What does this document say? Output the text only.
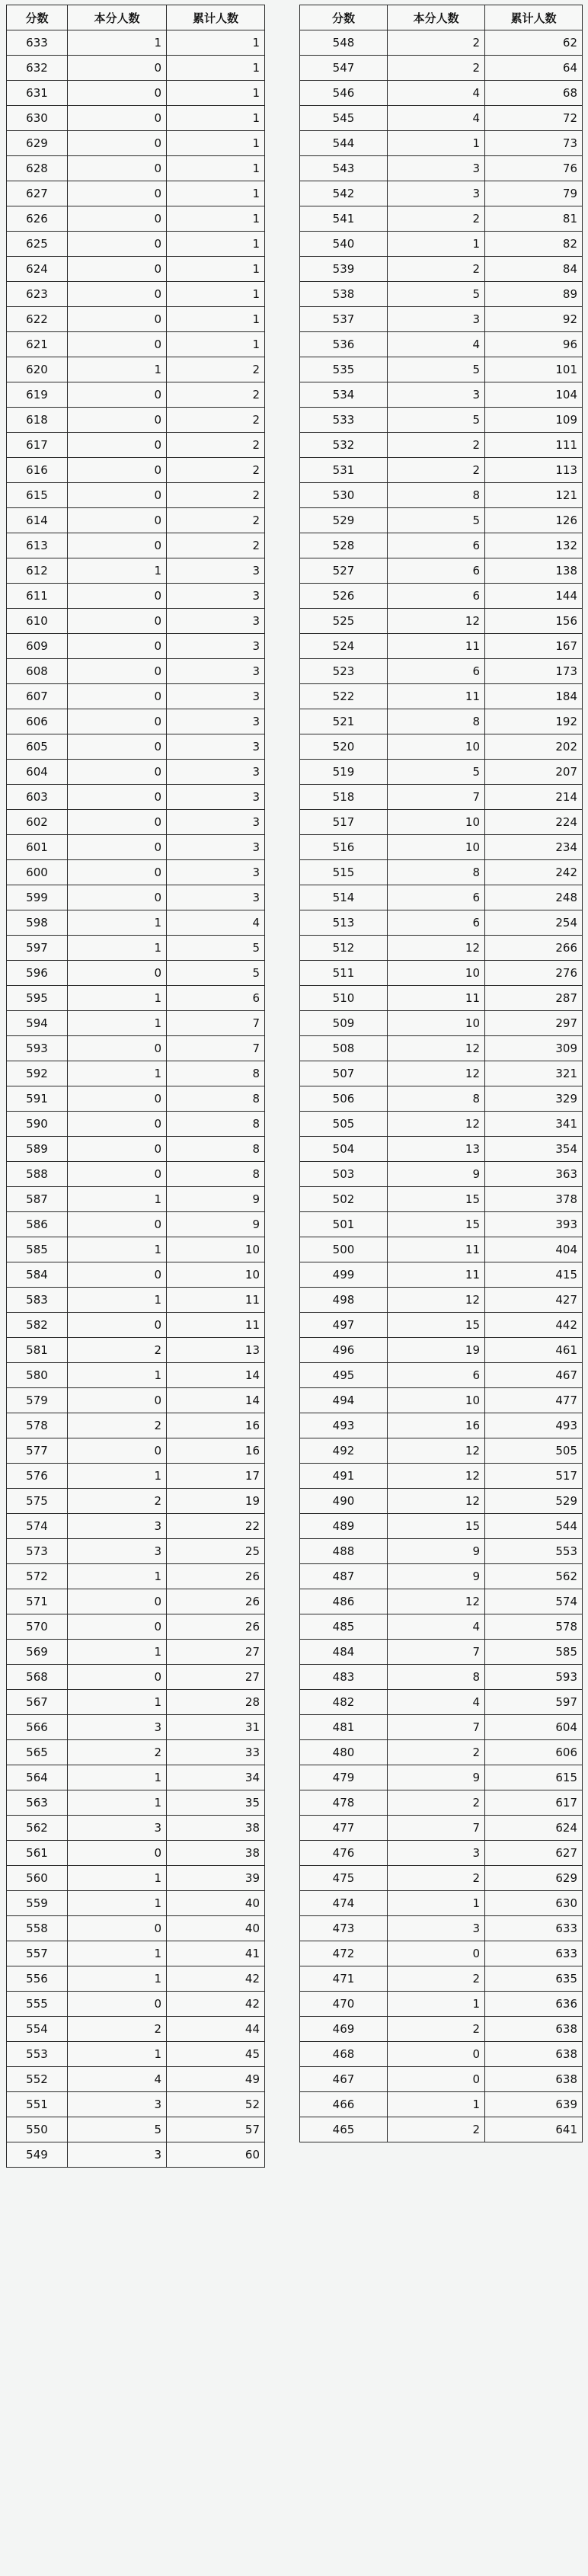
分数	本分人数	累计人数
633	1	1
632	0	1
631	0	1
630	0	1
629	0	1
628	0	1
627	0	1
626	0	1
625	0	1
624	0	1
623	0	1
622	0	1
621	0	1
620	1	2
619	0	2
618	0	2
617	0	2
616	0	2
615	0	2
614	0	2
613	0	2
612	1	3
611	0	3
610	0	3
609	0	3
608	0	3
607	0	3
606	0	3
605	0	3
604	0	3
603	0	3
602	0	3
601	0	3
600	0	3
599	0	3
598	1	4
597	1	5
596	0	5
595	1	6
594	1	7
593	0	7
592	1	8
591	0	8
590	0	8
589	0	8
588	0	8
587	1	9
586	0	9
585	1	10
584	0	10
583	1	11
582	0	11
581	2	13
580	1	14
579	0	14
578	2	16
577	0	16
576	1	17
575	2	19
574	3	22
573	3	25
572	1	26
571	0	26
570	0	26
569	1	27
568	0	27
567	1	28
566	3	31
565	2	33
564	1	34
563	1	35
562	3	38
561	0	38
560	1	39
559	1	40
558	0	40
557	1	41
556	1	42
555	0	42
554	2	44
553	1	45
552	4	49
551	3	52
550	5	57
549	3	60
分数	本分人数	累计人数
548	2	62
547	2	64
546	4	68
545	4	72
544	1	73
543	3	76
542	3	79
541	2	81
540	1	82
539	2	84
538	5	89
537	3	92
536	4	96
535	5	101
534	3	104
533	5	109
532	2	111
531	2	113
530	8	121
529	5	126
528	6	132
527	6	138
526	6	144
525	12	156
524	11	167
523	6	173
522	11	184
521	8	192
520	10	202
519	5	207
518	7	214
517	10	224
516	10	234
515	8	242
514	6	248
513	6	254
512	12	266
511	10	276
510	11	287
509	10	297
508	12	309
507	12	321
506	8	329
505	12	341
504	13	354
503	9	363
502	15	378
501	15	393
500	11	404
499	11	415
498	12	427
497	15	442
496	19	461
495	6	467
494	10	477
493	16	493
492	12	505
491	12	517
490	12	529
489	15	544
488	9	553
487	9	562
486	12	574
485	4	578
484	7	585
483	8	593
482	4	597
481	7	604
480	2	606
479	9	615
478	2	617
477	7	624
476	3	627
475	2	629
474	1	630
473	3	633
472	0	633
471	2	635
470	1	636
469	2	638
468	0	638
467	0	638
466	1	639
465	2	641
